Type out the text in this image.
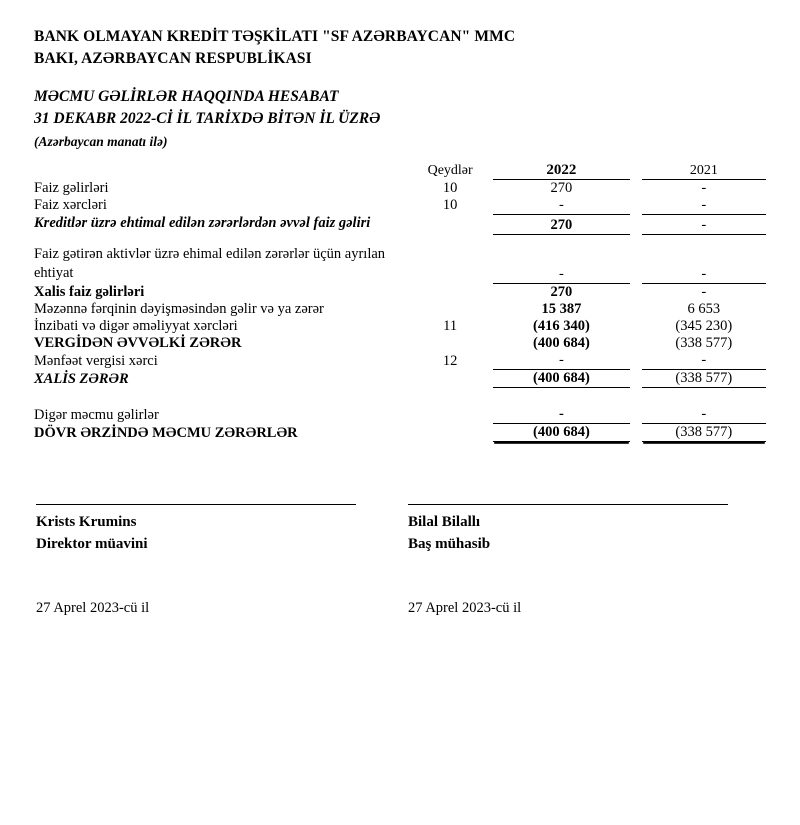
BANK OLMAYAN KREDİT TƏŞKİLATI "SF AZƏRBAYCAN" MMC
BAKI, AZƏRBAYCAN RESPUBLİKASI
MƏCMU GƏLİRLƏR HAQQINDA HESABAT
31 DEKABR 2022-Cİ İL TARİXDƏ BİTƏN İL ÜZRƏ
(Azərbaycan manatı ilə)
	Qeydlər	2022		2021
Faiz gəlirləri	10	270		-
Faiz xərcləri	10	-		-
Kreditlər üzrə ehtimal edilən zərərlərdən əvvəl faiz gəliri		270		-

Faiz gətirən aktivlər üzrə ehimal edilən zərərlər üçün ayrılan ehtiyat		-		-
Xalis faiz gəlirləri		270		-
Məzənnə fərqinin dəyişməsindən gəlir və ya zərər		15 387		6 653
İnzibati və digər əməliyyat xərcləri	11	(416 340)		(345 230)
VERGİDƏN ƏVVƏLKİ ZƏRƏR		(400 684)		(338 577)
Mənfəət vergisi xərci	12	-		-
XALİS ZƏRƏR		(400 684)		(338 577)

Digər məcmu gəlirlər		-		-
DÖVR ƏRZİNDƏ MƏCMU ZƏRƏRLƏR		(400 684)		(338 577)
Krists Krumins
Direktor müavini
Bilal Bilallı
Baş mühasib
27 Aprel 2023-cü il	27 Aprel 2023-cü il
